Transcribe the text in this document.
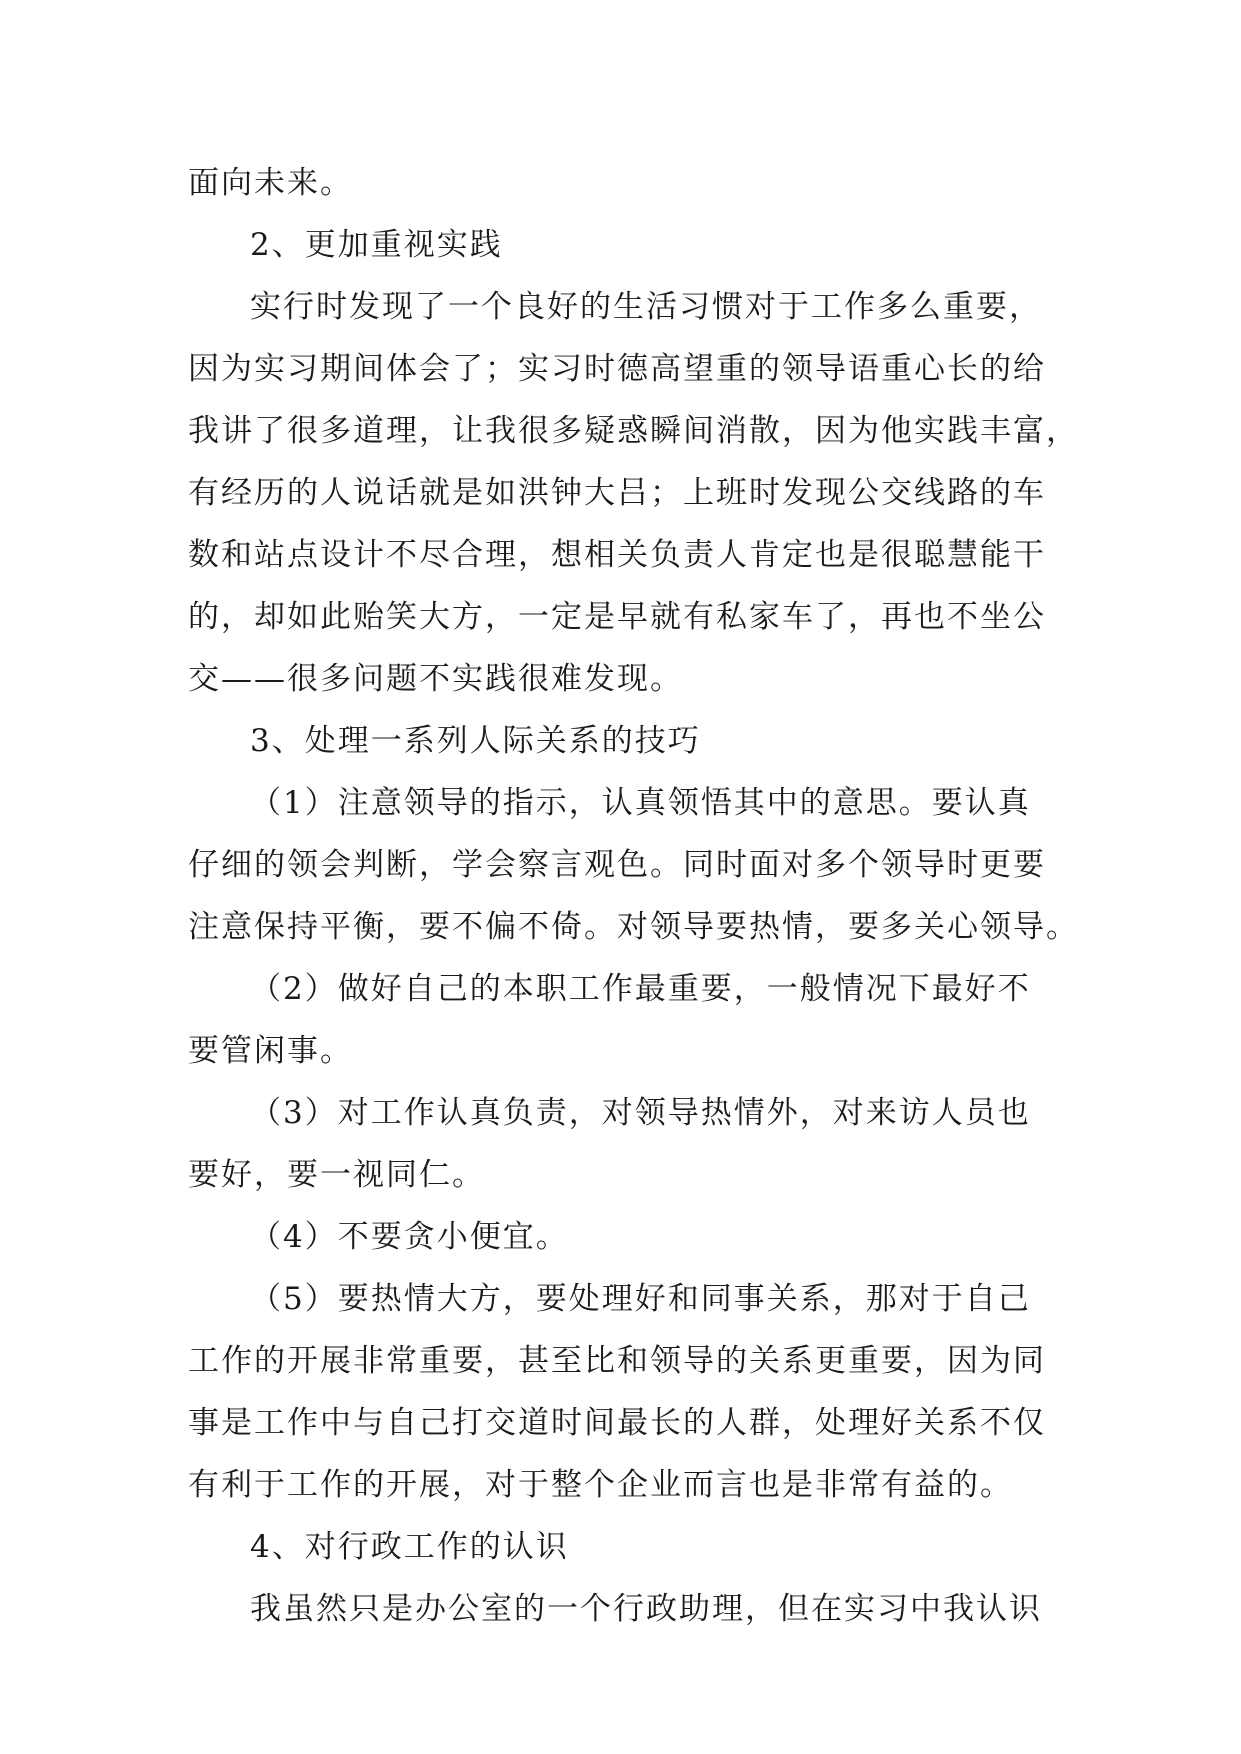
面向未来。
2、更加重视实践
实行时发现了一个良好的生活习惯对于工作多么重要，
因为实习期间体会了；实习时德高望重的领导语重心长的给
我讲了很多道理，让我很多疑惑瞬间消散，因为他实践丰富，
有经历的人说话就是如洪钟大吕；上班时发现公交线路的车
数和站点设计不尽合理，想相关负责人肯定也是很聪慧能干
的，却如此贻笑大方，一定是早就有私家车了，再也不坐公
交——很多问题不实践很难发现。
3、处理一系列人际关系的技巧
（1）注意领导的指示，认真领悟其中的意思。要认真
仔细的领会判断，学会察言观色。同时面对多个领导时更要
注意保持平衡，要不偏不倚。对领导要热情，要多关心领导。
（2）做好自己的本职工作最重要，一般情况下最好不
要管闲事。
（3）对工作认真负责，对领导热情外，对来访人员也
要好，要一视同仁。
（4）不要贪小便宜。
（5）要热情大方，要处理好和同事关系，那对于自己
工作的开展非常重要，甚至比和领导的关系更重要，因为同
事是工作中与自己打交道时间最长的人群，处理好关系不仅
有利于工作的开展，对于整个企业而言也是非常有益的。
4、对行政工作的认识
我虽然只是办公室的一个行政助理，但在实习中我认识
